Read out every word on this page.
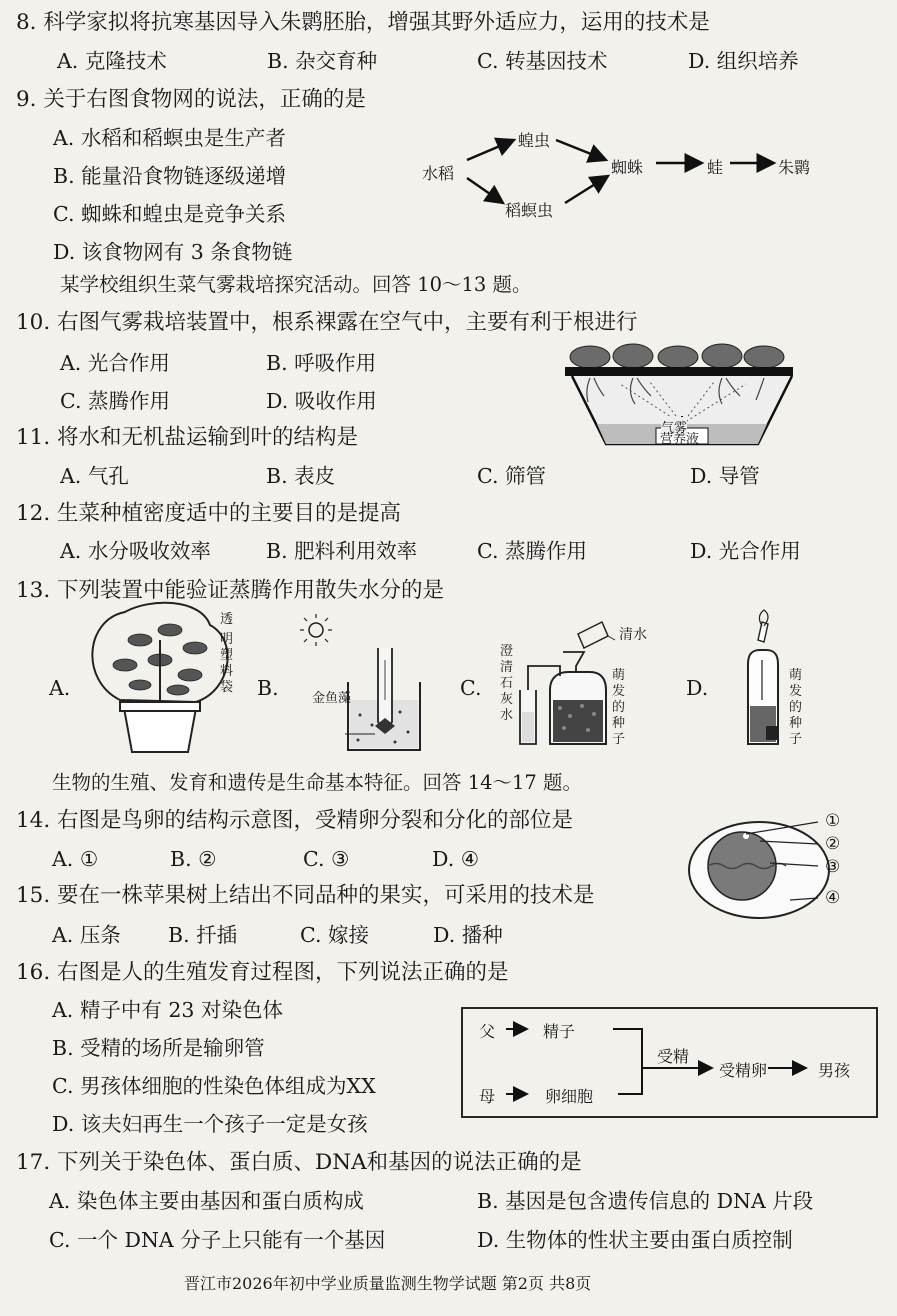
8. 科学家拟将抗寒基因导入朱鹮胚胎，增强其野外适应力，运用的技术是
A. 克隆技术	B. 杂交育种	C. 转基因技术	D. 组织培养
9. 关于右图食物网的说法，正确的是
A. 水稻和稻螟虫是生产者
B. 能量沿食物链逐级递增
C. 蜘蛛和蝗虫是竞争关系
D. 该食物网有 3 条食物链
水稻
蝗虫
稻螟虫
蜘蛛	蛙	朱鹮
某学校组织生菜气雾栽培探究活动。回答 10～13 题。
10. 右图气雾栽培装置中，根系裸露在空气中，主要有利于根进行
A. 光合作用	B. 呼吸作用
C. 蒸腾作用	D. 吸收作用
气雾
营养液
11. 将水和无机盐运输到叶的结构是
A. 气孔	B. 表皮	C. 筛管	D. 导管
12. 生菜种植密度适中的主要目的是提高
A. 水分吸收效率	B. 肥料利用效率	C. 蒸腾作用	D. 光合作用
13. 下列装置中能验证蒸腾作用散失水分的是
A.	B.	C.	D.
透
明
塑
料
袋
金鱼藻
清水
澄
清
石
灰
水
萌
发
的
种
子
萌
发
的
种
子
生物的生殖、发育和遗传是生命基本特征。回答 14～17 题。
14. 右图是鸟卵的结构示意图，受精卵分裂和分化的部位是
A. ①	B. ②	C. ③	D. ④
①
②
③
④
15. 要在一株苹果树上结出不同品种的果实，可采用的技术是
A. 压条 B. 扦插	C. 嫁接	D. 播种
16. 右图是人的生殖发育过程图，下列说法正确的是
A. 精子中有 23 对染色体
B. 受精的场所是输卵管
C. 男孩体细胞的性染色体组成为XX
D. 该夫妇再生一个孩子一定是女孩
父	精子
母	卵细胞
受精
受精卵	男孩
17. 下列关于染色体、蛋白质、DNA和基因的说法正确的是
A. 染色体主要由基因和蛋白质构成	B. 基因是包含遗传信息的 DNA 片段
C. 一个 DNA 分子上只能有一个基因	D. 生物体的性状主要由蛋白质控制
晋江市2026年初中学业质量监测生物学试题 第2页 共8页
